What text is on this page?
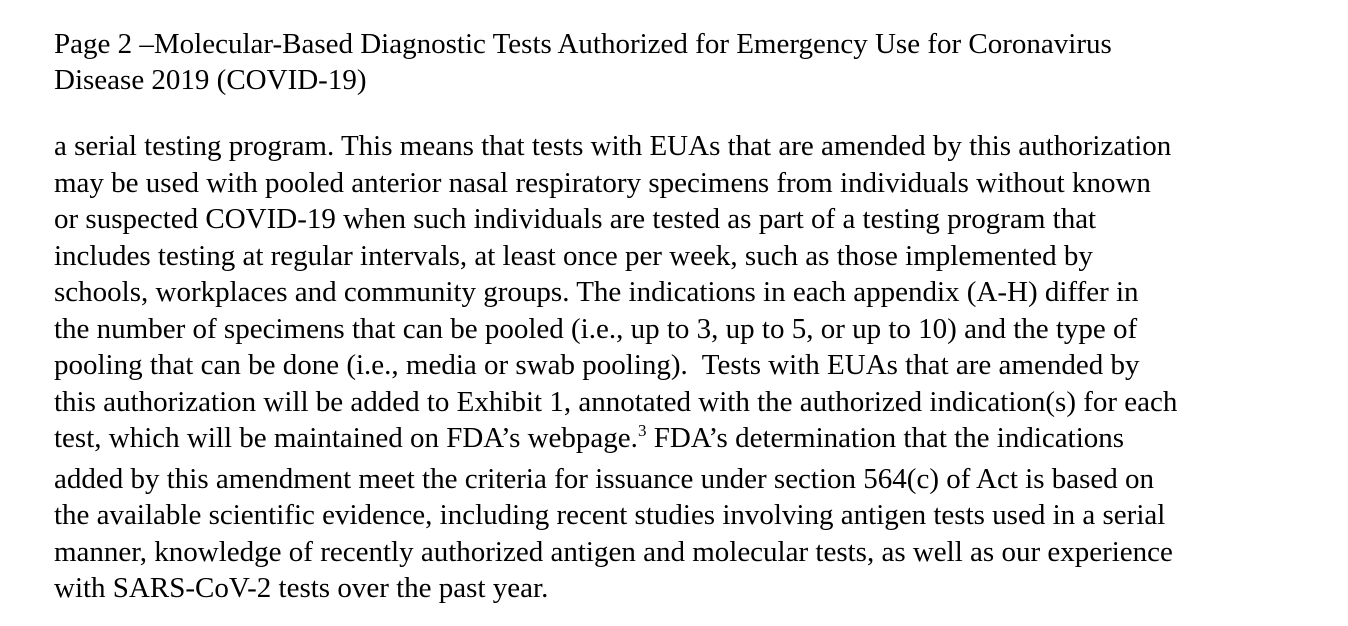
Page 2 –Molecular-Based Diagnostic Tests Authorized for Emergency Use for Coronavirus
Disease 2019 (COVID-19)
a serial testing program. This means that tests with EUAs that are amended by this authorization
may be used with pooled anterior nasal respiratory specimens from individuals without known
or suspected COVID-19 when such individuals are tested as part of a testing program that
includes testing at regular intervals, at least once per week, such as those implemented by
schools, workplaces and community groups. The indications in each appendix (A-H) differ in
the number of specimens that can be pooled (i.e., up to 3, up to 5, or up to 10) and the type of
pooling that can be done (i.e., media or swab pooling).  Tests with EUAs that are amended by
this authorization will be added to Exhibit 1, annotated with the authorized indication(s) for each
test, which will be maintained on FDA’s webpage.$^3$ FDA’s determination that the indications
added by this amendment meet the criteria for issuance under section 564(c) of Act is based on
the available scientific evidence, including recent studies involving antigen tests used in a serial
manner, knowledge of recently authorized antigen and molecular tests, as well as our experience
with SARS-CoV-2 tests over the past year.
